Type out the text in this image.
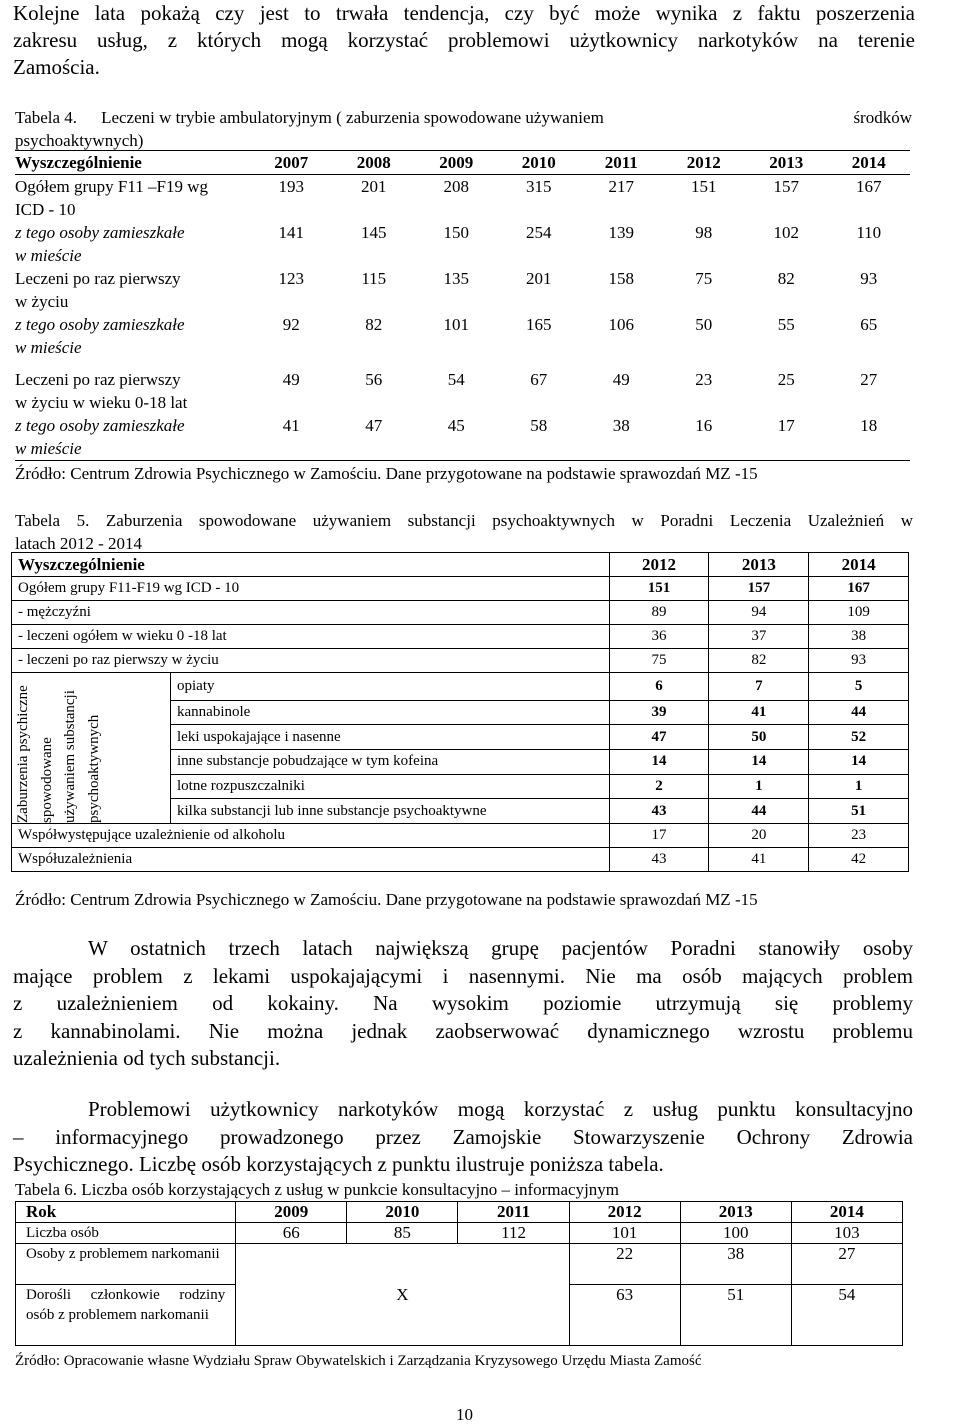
Kolejne lata pokażą czy jest to trwała tendencja, czy być może wynika z faktu poszerzenia
zakresu usług, z których mogą korzystać problemowi użytkownicy narkotyków na terenie
Zamościa.
Tabela 4. Leczeni w trybie ambulatoryjnym ( zaburzenia spowodowane używaniem	środków
psychoaktywnych)
Wyszczególnienie	2007	2008	2009	2010	2011	2012	2013	2014

Ogółem grupy F11 –F19 wg
ICD - 10	193	201	208	315	217	151	157	167

z tego osoby zamieszkałe
w mieście	141	145	150	254	139	98	102	110

Leczeni po raz pierwszy
w życiu	123	115	135	201	158	75	82	93

z tego osoby zamieszkałe
w mieście	92	82	101	165	106	50	55	65

Leczeni po raz pierwszy
w życiu w wieku 0-18 lat	49	56	54	67	49	23	25	27

z tego osoby zamieszkałe
w mieście	41	47	45	58	38	16	17	18

Źródło: Centrum Zdrowia Psychicznego w Zamościu. Dane przygotowane na podstawie sprawozdań MZ -15
Tabela 5. Zaburzenia spowodowane używaniem substancji psychoaktywnych w Poradni Leczenia Uzależnień w
latach 2012 - 2014
Wyszczególnienie		2012	2013	2014
Ogółem grupy F11-F19 wg ICD - 10		151	157	167
- mężczyźni		89	94	109
- leczeni ogółem w wieku 0 -18 lat		36	37	38
- leczeni po raz pierwszy w życiu		75	82	93

Zaburzenia psychiczne spowodowane używaniem substancji psychoaktywnych	opiaty	6	7	5
	kannabinole	39	41	44
	leki uspokajające i nasenne	47	50	52
	inne substancje pobudzające w tym kofeina	14	14	14
	lotne rozpuszczalniki	2	1	1
	kilka substancji lub inne substancje psychoaktywne	43	44	51
Współwystępujące uzależnienie od alkoholu		17	20	23
Współuzależnienia		43	41	42
Źródło: Centrum Zdrowia Psychicznego w Zamościu. Dane przygotowane na podstawie sprawozdań MZ -15
W ostatnich trzech latach największą grupę pacjentów Poradni stanowiły osoby
mające problem z lekami uspokajającymi i nasennymi. Nie ma osób mających problem
z uzależnieniem od kokainy. Na wysokim poziomie utrzymują się problemy
z kannabinolami. Nie można jednak zaobserwować dynamicznego wzrostu problemu
uzależnienia od tych substancji.
Problemowi użytkownicy narkotyków mogą korzystać z usług punktu konsultacyjno
– informacyjnego prowadzonego przez Zamojskie Stowarzyszenie Ochrony Zdrowia
Psychicznego. Liczbę osób korzystających z punktu ilustruje poniższa tabela.
Tabela 6. Liczba osób korzystających z usług w punkcie konsultacyjno – informacyjnym
Rok	2009	2010	2011	2012	2013	2014
Liczba osób	66	85	112	101	100	103
Osoby z problemem narkomanii	X			22	38	27
Dorośli członkowie rodziny osób z problemem narkomanii				63	51	54
Źródło: Opracowanie własne Wydziału Spraw Obywatelskich i Zarządzania Kryzysowego Urzędu Miasta Zamość
10
